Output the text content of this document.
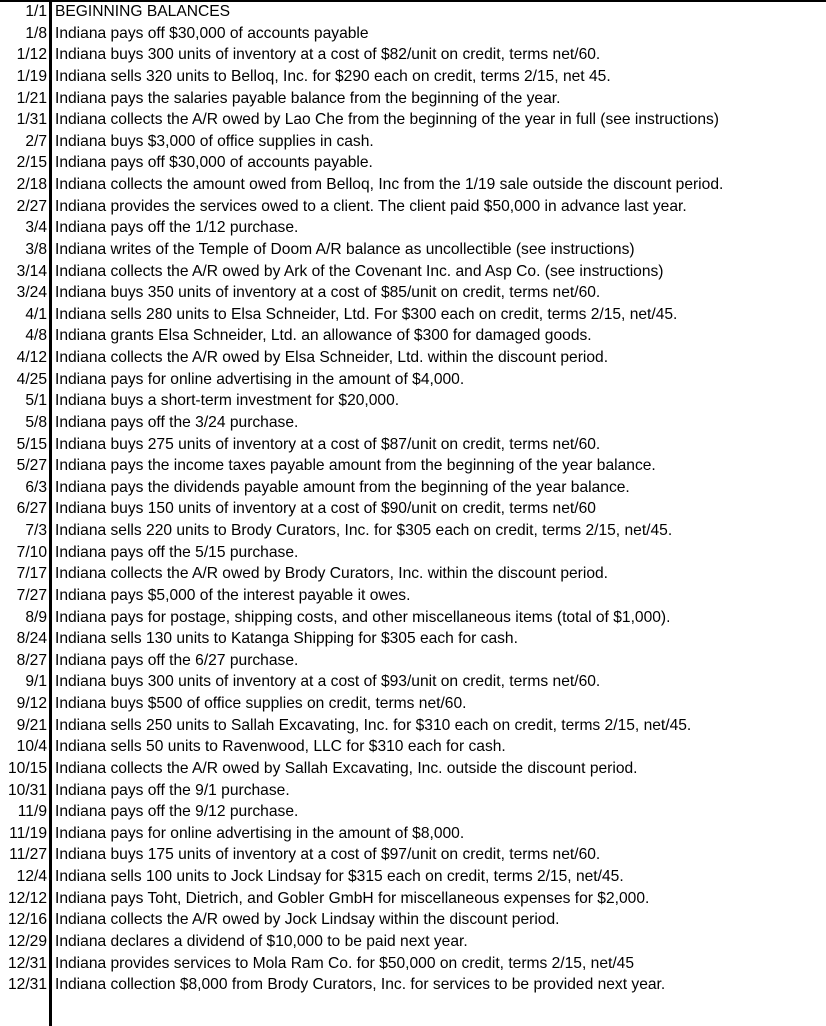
1/1 BEGINNING BALANCES
1/8 Indiana pays off $30,000 of accounts payable
1/12 Indiana buys 300 units of inventory at a cost of $82/unit on credit, terms net/60.
1/19 Indiana sells 320 units to Belloq, Inc. for $290 each on credit, terms 2/15, net 45.
1/21 Indiana pays the salaries payable balance from the beginning of the year.
1/31 Indiana collects the A/R owed by Lao Che from the beginning of the year in full (see instructions)
2/7 Indiana buys $3,000 of office supplies in cash.
2/15 Indiana pays off $30,000 of accounts payable.
2/18 Indiana collects the amount owed from Belloq, Inc from the 1/19 sale outside the discount period.
2/27 Indiana provides the services owed to a client. The client paid $50,000 in advance last year.
3/4 Indiana pays off the 1/12 purchase.
3/8 Indiana writes of the Temple of Doom A/R balance as uncollectible (see instructions)
3/14 Indiana collects the A/R owed by Ark of the Covenant Inc. and Asp Co. (see instructions)
3/24 Indiana buys 350 units of inventory at a cost of $85/unit on credit, terms net/60.
4/1 Indiana sells 280 units to Elsa Schneider, Ltd. For $300 each on credit, terms 2/15, net/45.
4/8 Indiana grants Elsa Schneider, Ltd. an allowance of $300 for damaged goods.
4/12 Indiana collects the A/R owed by Elsa Schneider, Ltd. within the discount period.
4/25 Indiana pays for online advertising in the amount of $4,000.
5/1 Indiana buys a short-term investment for $20,000.
5/8 Indiana pays off the 3/24 purchase.
5/15 Indiana buys 275 units of inventory at a cost of $87/unit on credit, terms net/60.
5/27 Indiana pays the income taxes payable amount from the beginning of the year balance.
6/3 Indiana pays the dividends payable amount from the beginning of the year balance.
6/27 Indiana buys 150 units of inventory at a cost of $90/unit on credit, terms net/60
7/3 Indiana sells 220 units to Brody Curators, Inc. for $305 each on credit, terms 2/15, net/45.
7/10 Indiana pays off the 5/15 purchase.
7/17 Indiana collects the A/R owed by Brody Curators, Inc. within the discount period.
7/27 Indiana pays $5,000 of the interest payable it owes.
8/9 Indiana pays for postage, shipping costs, and other miscellaneous items (total of $1,000).
8/24 Indiana sells 130 units to Katanga Shipping for $305 each for cash.
8/27 Indiana pays off the 6/27 purchase.
9/1 Indiana buys 300 units of inventory at a cost of $93/unit on credit, terms net/60.
9/12 Indiana buys $500 of office supplies on credit, terms net/60.
9/21 Indiana sells 250 units to Sallah Excavating, Inc. for $310 each on credit, terms 2/15, net/45.
10/4 Indiana sells 50 units to Ravenwood, LLC for $310 each for cash.
10/15 Indiana collects the A/R owed by Sallah Excavating, Inc. outside the discount period.
10/31 Indiana pays off the 9/1 purchase.
11/9 Indiana pays off the 9/12 purchase.
11/19 Indiana pays for online advertising in the amount of $8,000.
11/27 Indiana buys 175 units of inventory at a cost of $97/unit on credit, terms net/60.
12/4 Indiana sells 100 units to Jock Lindsay for $315 each on credit, terms 2/15, net/45.
12/12 Indiana pays Toht, Dietrich, and Gobler GmbH for miscellaneous expenses for $2,000.
12/16 Indiana collects the A/R owed by Jock Lindsay within the discount period.
12/29 Indiana declares a dividend of $10,000 to be paid next year.
12/31 Indiana provides services to Mola Ram Co. for $50,000 on credit, terms 2/15, net/45
12/31 Indiana collection $8,000 from Brody Curators, Inc. for services to be provided next year.
